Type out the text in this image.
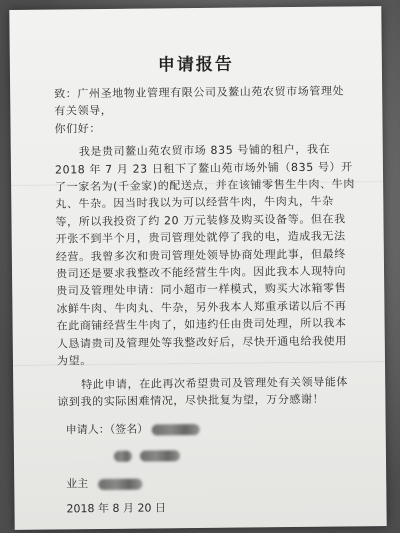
申请报告

致：广州圣地物业管理有限公司及鳌山苑农贸市场管理处有关领导，

你们好：

我是贵司鳌山苑农贸市场 835 号铺的租户，我在 2018 年 7 月 23 日租下了鳌山苑市场外铺（835 号）开了一家名为(千金家)的配送点，并在该铺零售生牛肉、牛肉丸、牛杂。因当时我以为可以经营牛肉，牛肉丸，牛杂等，所以我投资了约 20 万元装修及购买设备等。但在我开张不到半个月，贵司管理处就停了我的电，造成我无法经营。我曾多次和贵司管理处领导协商处理此事，但最终贵司还是要求我整改不能经营生牛肉。因此我本人现特向贵司及管理处申请：同小超市一样模式，购买大冰箱零售冰鲜牛肉、牛肉丸、牛杂，另外我本人郑重承诺以后不再在此商铺经营生牛肉了，如违约任由贵司处理，所以我本人恳请贵司及管理处等我整改好后，尽快开通电给我使用为望。

特此申请，在此再次希望贵司及管理处有关领导能体谅到我的实际困难情况，尽快批复为望，万分感谢！

申请人：（签名）

业主
2018 年 8 月 20 日
